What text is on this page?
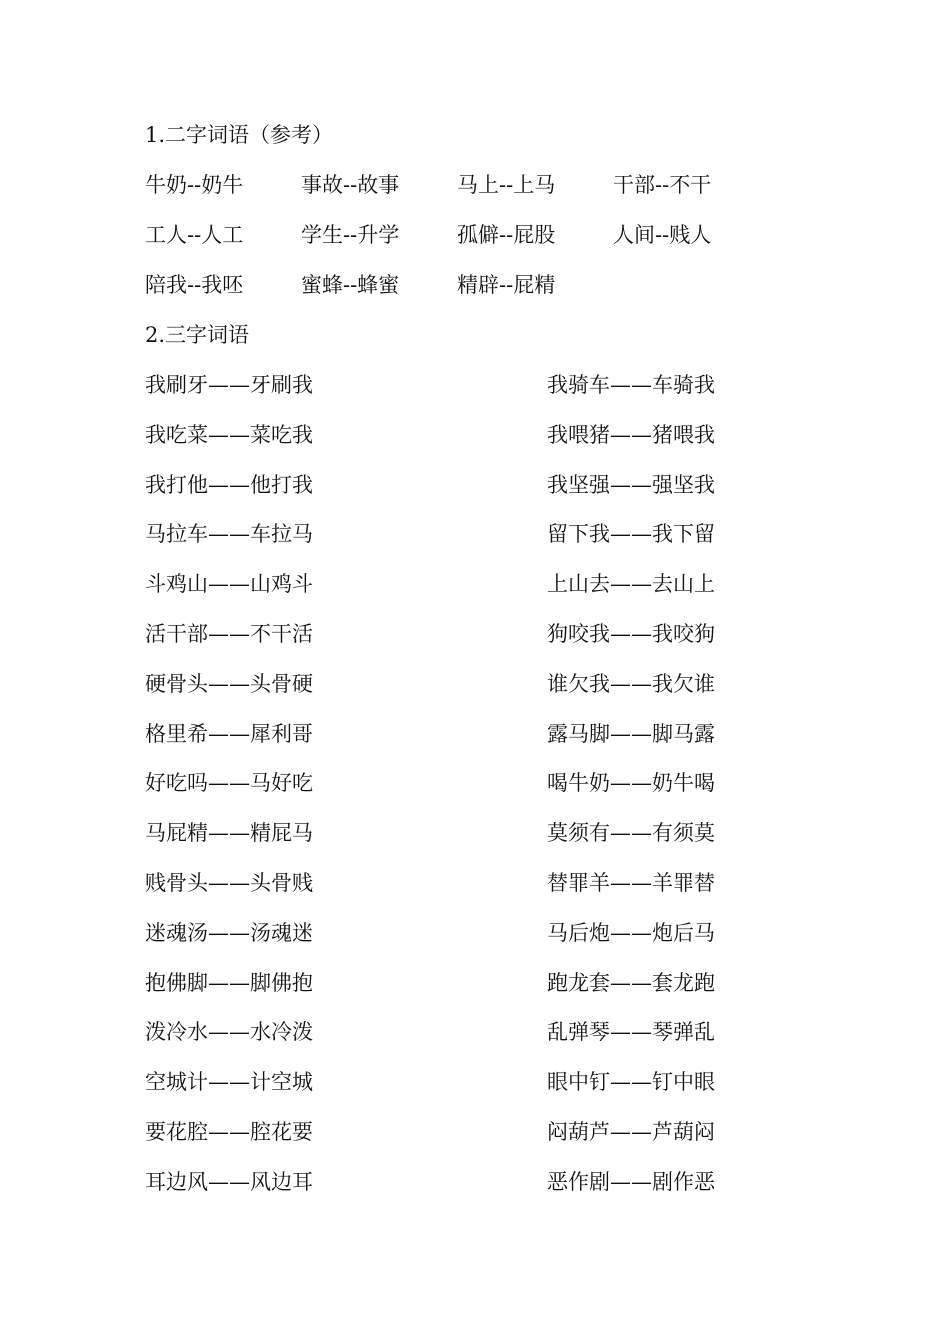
1.二字词语（参考）
牛奶--奶牛	事故--故事	马上--上马	干部--不干
工人--人工	学生--升学	孤僻--屁股	人间--贱人
陪我--我呸	蜜蜂--蜂蜜	精辟--屁精
2.三字词语
我刷牙——牙刷我	我骑车——车骑我
我吃菜——菜吃我	我喂猪——猪喂我
我打他——他打我	我坚强——强坚我
马拉车——车拉马	留下我——我下留
斗鸡山——山鸡斗	上山去——去山上
活干部——不干活	狗咬我——我咬狗
硬骨头——头骨硬	谁欠我——我欠谁
格里希——犀利哥	露马脚——脚马露
好吃吗——马好吃	喝牛奶——奶牛喝
马屁精——精屁马	莫须有——有须莫
贱骨头——头骨贱	替罪羊——羊罪替
迷魂汤——汤魂迷	马后炮——炮后马
抱佛脚——脚佛抱	跑龙套——套龙跑
泼冷水——水冷泼	乱弹琴——琴弹乱
空城计——计空城	眼中钉——钉中眼
要花腔——腔花要	闷葫芦——芦葫闷
耳边风——风边耳	恶作剧——剧作恶
